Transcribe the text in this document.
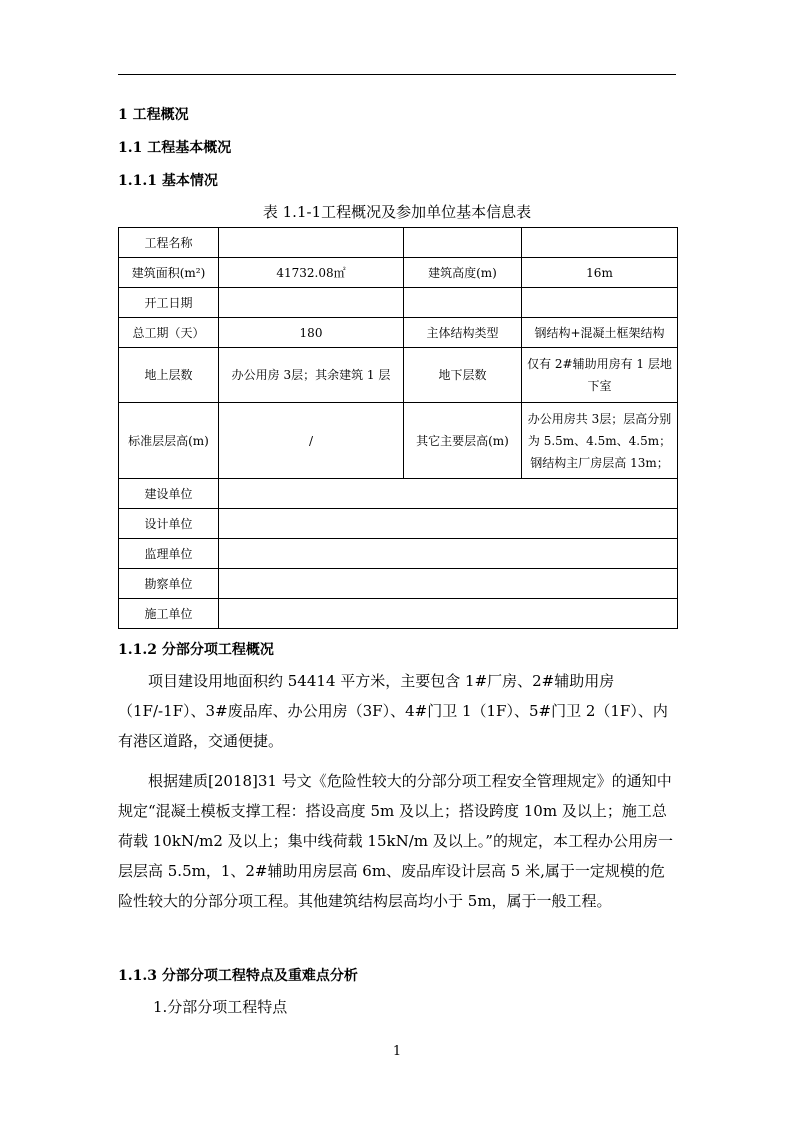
1 工程概况
1.1 工程基本概况
1.1.1 基本情况
表 1.1-1工程概况及参加单位基本信息表
工程名称			
建筑面积(m²)	41732.08㎡	建筑高度(m)	16m
开工日期			
总工期（天）	180	主体结构类型	钢结构+混凝土框架结构
地上层数	办公用房 3层；其余建筑 1 层	地下层数	仅有 2#辅助用房有 1 层地下室
标准层层高(m)	/	其它主要层高(m)	办公用房共 3层；层高分别为 5.5m、4.5m、4.5m；钢结构主厂房层高 13m；
建设单位			
设计单位			
监理单位			
勘察单位			
施工单位			
1.1.2 分部分项工程概况

项目建设用地面积约 54414 平方米，主要包含 1#厂房、2#辅助用房（1F/-1F）、3#废品库、办公用房（3F）、4#门卫 1（1F）、5#门卫 2（1F）、内有港区道路，交通便捷。

根据建质[2018]31 号文《危险性较大的分部分项工程安全管理规定》的通知中规定“混凝土模板支撑工程：搭设高度 5m 及以上；搭设跨度 10m 及以上；施工总荷载 10kN/m2 及以上；集中线荷载 15kN/m 及以上。”的规定，本工程办公用房一层层高 5.5m，1、2#辅助用房层高 6m、废品库设计层高 5 米,属于一定规模的危险性较大的分部分项工程。其他建筑结构层高均小于 5m，属于一般工程。

1.1.3 分部分项工程特点及重难点分析
1.分部分项工程特点
1
